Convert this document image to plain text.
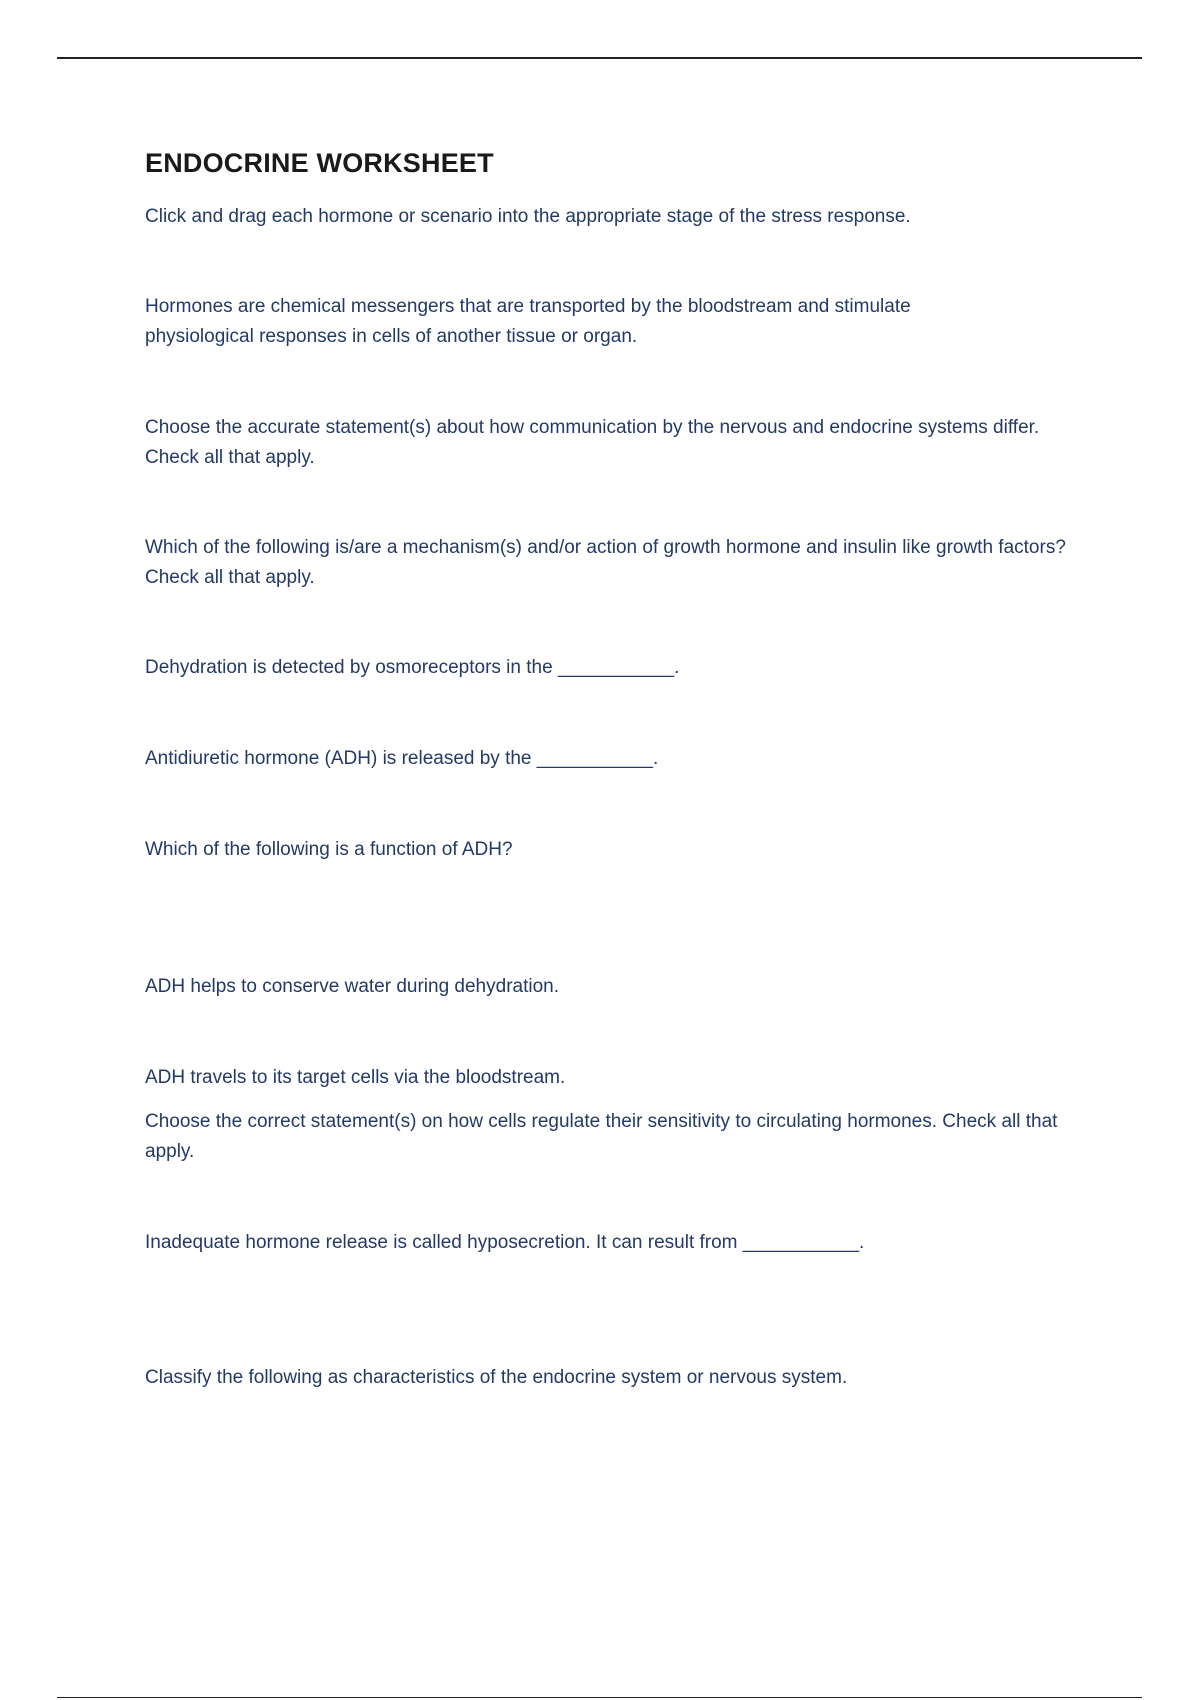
ENDOCRINE WORKSHEET

Click and drag each hormone or scenario into the appropriate stage of the stress response.

Hormones are chemical messengers that are transported by the bloodstream and stimulate physiological responses in cells of another tissue or organ.

Choose the accurate statement(s) about how communication by the nervous and endocrine systems differ. Check all that apply.

Which of the following is/are a mechanism(s) and/or action of growth hormone and insulin like growth factors? Check all that apply.

Dehydration is detected by osmoreceptors in the ___________.

Antidiuretic hormone (ADH) is released by the ___________.

Which of the following is a function of ADH?

ADH helps to conserve water during dehydration.

ADH travels to its target cells via the bloodstream.

Choose the correct statement(s) on how cells regulate their sensitivity to circulating hormones. Check all that apply.

Inadequate hormone release is called hyposecretion. It can result from ___________.

Classify the following as characteristics of the endocrine system or nervous system.
